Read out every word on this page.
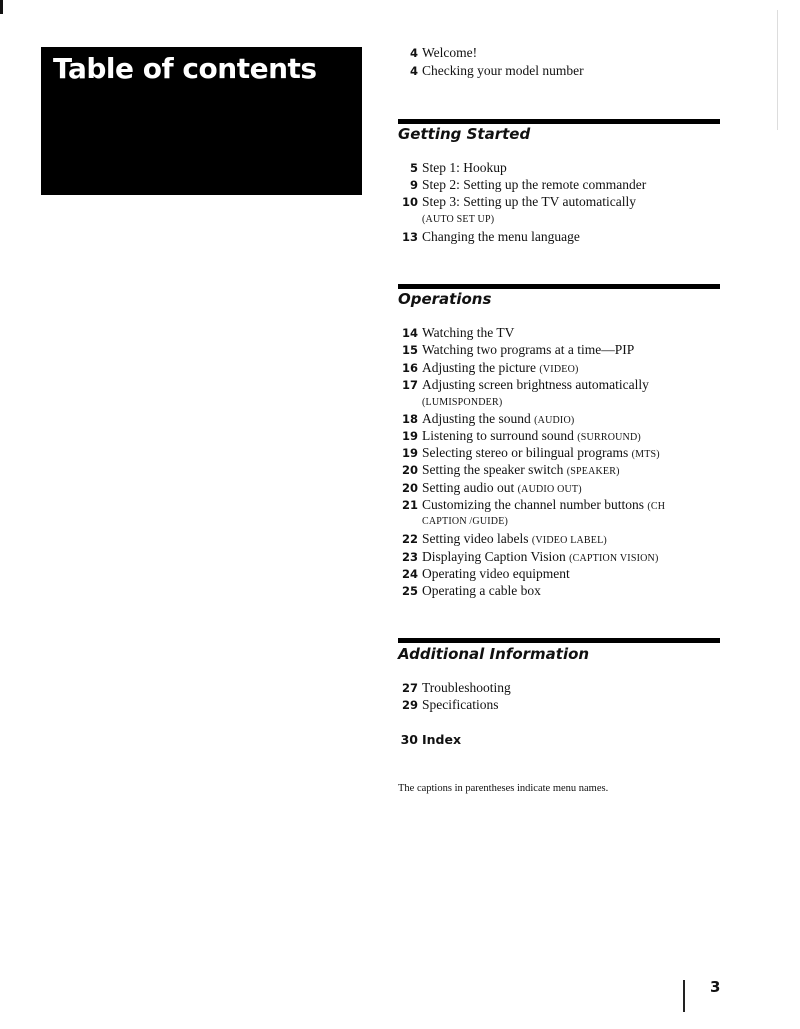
Table of contents	4 Welcome!
4 Checking your model number
Getting Started
5 Step 1: Hookup
9 Step 2: Setting up the remote commander
10 Step 3: Setting up the TV automatically
(AUTO SET UP)
13 Changing the menu language
Operations
14 Watching the TV
15 Watching two programs at a time—PIP
16 Adjusting the picture (VIDEO)
17 Adjusting screen brightness automatically
(LUMISPONDER)
18 Adjusting the sound (AUDIO)
19 Listening to surround sound (SURROUND)
19 Selecting stereo or bilingual programs (MTS)
20 Setting the speaker switch (SPEAKER)
20 Setting audio out (AUDIO OUT)
21 Customizing the channel number buttons (CH
CAPTION /GUIDE)
22 Setting video labels (VIDEO LABEL)
23 Displaying Caption Vision (CAPTION VISION)
24 Operating video equipment
25 Operating a cable box
Additional Information
27 Troubleshooting
29 Specifications
30 Index
The captions in parentheses indicate menu names.
3
